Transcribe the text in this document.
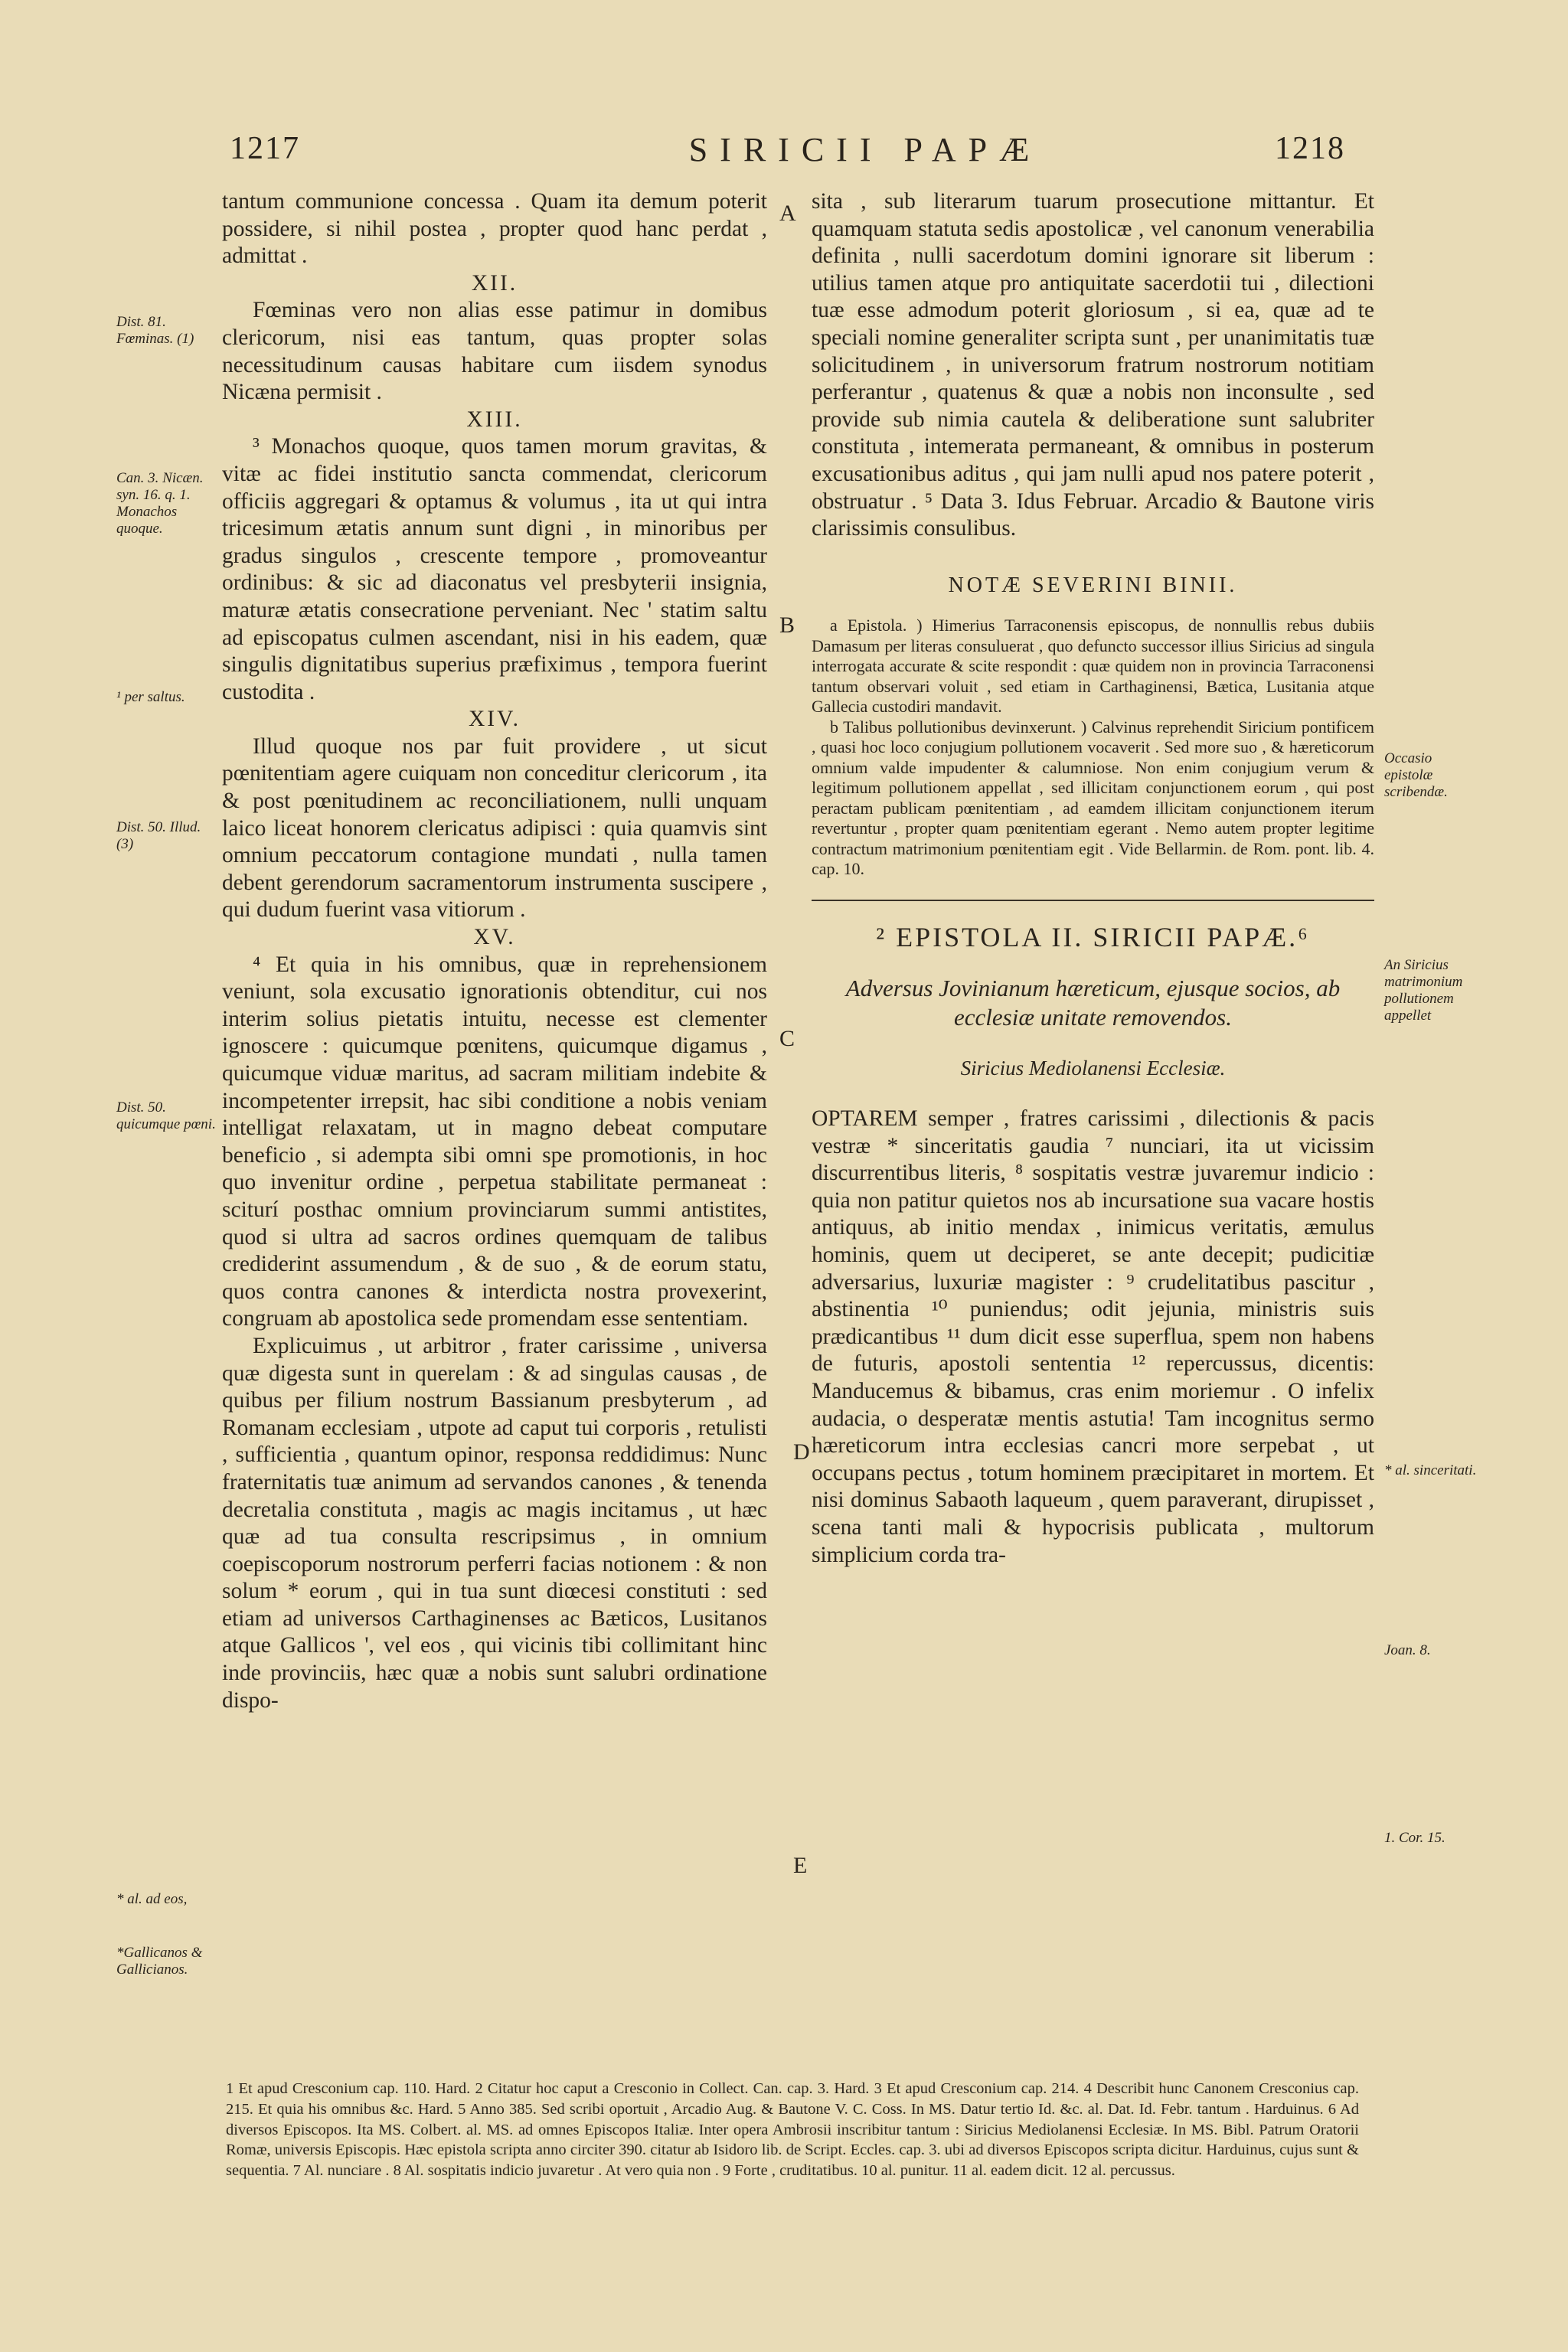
1217	SIRICII PAPÆ	1218

tantum communione concessa . Quam ita demum poterit possidere, si nihil postea , propter quod hanc perdat , admittat .

XII.

Fœminas vero non alias esse patimur in domibus clericorum, nisi eas tantum, quas propter solas necessitudinum causas habitare cum iisdem synodus Nicæna permisit .

XIII.

³ Monachos quoque, quos tamen morum gravitas, & vitæ ac fidei institutio sancta commendat, clericorum officiis aggregari & optamus & volumus , ita ut qui intra tricesimum ætatis annum sunt digni , in minoribus per gradus singulos , crescente tempore , promoveantur ordinibus: & sic ad diaconatus vel presbyterii insignia, maturæ ætatis consecratione perveniant. Nec ' statim saltu ad episcopatus culmen ascendant, nisi in his eadem, quæ singulis dignitatibus superius præfiximus , tempora fuerint custodita .

XIV.

Illud quoque nos par fuit providere , ut sicut pœnitentiam agere cuiquam non conceditur clericorum , ita & post pœnitudinem ac reconciliationem, nulli unquam laico liceat honorem clericatus adipisci : quia quamvis sint omnium peccatorum contagione mundati , nulla tamen debent gerendorum sacramentorum instrumenta suscipere , qui dudum fuerint vasa vitiorum .

XV.

⁴ Et quia in his omnibus, quæ in reprehensionem veniunt, sola excusatio ignorationis obtenditur, cui nos interim solius pietatis intuitu, necesse est clementer ignoscere : quicumque pœnitens, quicumque digamus , quicumque viduæ maritus, ad sacram militiam indebite & incompetenter irrepsit, hac sibi conditione a nobis veniam intelligat relaxatam, ut in magno debeat computare beneficio , si adempta sibi omni spe promotionis, in hoc quo invenitur ordine , perpetua stabilitate permaneat : sciturí posthac omnium provinciarum summi antistites, quod si ultra ad sacros ordines quemquam de talibus crediderint assumendum , & de suo , & de eorum statu, quos contra canones & interdicta nostra provexerint, congruam ab apostolica sede promendam esse sententiam.

Explicuimus , ut arbitror , frater carissime , universa quæ digesta sunt in querelam : & ad singulas causas , de quibus per filium nostrum Bassianum presbyterum , ad Romanam ecclesiam , utpote ad caput tui corporis , retulisti , sufficientia , quantum opinor, responsa reddidimus: Nunc fraternitatis tuæ animum ad servandos canones , & tenenda decretalia constituta , magis ac magis incitamus , ut hæc quæ ad tua consulta rescripsimus , in omnium coepiscoporum nostrorum perferri facias notionem : & non solum * eorum , qui in tua sunt diœcesi constituti : sed etiam ad universos Carthaginenses ac Bæticos, Lusitanos atque Gallicos ', vel eos , qui vicinis tibi collimitant hinc inde provinciis, hæc quæ a nobis sunt salubri ordinatione dispo-

sita , sub literarum tuarum prosecutione mittantur. Et quamquam statuta sedis apostolicæ , vel canonum venerabilia definita , nulli sacerdotum domini ignorare sit liberum : utilius tamen atque pro antiquitate sacerdotii tui , dilectioni tuæ esse admodum poterit gloriosum , si ea, quæ ad te speciali nomine generaliter scripta sunt , per unanimitatis tuæ solicitudinem , in universorum fratrum nostrorum notitiam perferantur , quatenus & quæ a nobis non inconsulte , sed provide sub nimia cautela & deliberatione sunt salubriter constituta , intemerata permaneant, & omnibus in posterum excusationibus aditus , qui jam nulli apud nos patere poterit , obstruatur . ⁵ Data 3. Idus Februar. Arcadio & Bautone viris clarissimis consulibus.

NOTÆ SEVERINI BINII.

a Epistola. ) Himerius Tarraconensis episcopus, de nonnullis rebus dubiis Damasum per literas consuluerat , quo defuncto successor illius Siricius ad singula interrogata accurate & scite respondit : quæ quidem non in provincia Tarraconensi tantum observari voluit , sed etiam in Carthaginensi, Bætica, Lusitania atque Gallecia custodiri mandavit.

b Talibus pollutionibus devinxerunt. ) Calvinus reprehendit Siricium pontificem , quasi hoc loco conjugium pollutionem vocaverit . Sed more suo , & hæreticorum omnium valde impudenter & calumniose. Non enim conjugium verum & legitimum pollutionem appellat , sed illicitam conjunctionem eorum , qui post peractam publicam pœnitentiam , ad eamdem illicitam conjunctionem iterum revertuntur , propter quam pœnitentiam egerant . Nemo autem propter legitime contractum matrimonium pœnitentiam egit . Vide Bellarmin. de Rom. pont. lib. 4. cap. 10.

² EPISTOLA II. SIRICII PAPÆ.⁶
Adversus Jovinianum hæreticum, ejusque socios, ab ecclesiæ unitate removendos.
Siricius Mediolanensi Ecclesiæ.

OPTAREM semper , fratres carissimi , dilectionis & pacis vestræ * sinceritatis gaudia ⁷ nunciari, ita ut vicissim discurrentibus literis, ⁸ sospitatis vestræ juvaremur indicio : quia non patitur quietos nos ab incursatione sua vacare hostis antiquus, ab initio mendax , inimicus veritatis, æmulus hominis, quem ut deciperet, se ante decepit; pudicitiæ adversarius, luxuriæ magister : ⁹ crudelitatibus pascitur , abstinentia ¹⁰ puniendus; odit jejunia, ministris suis prædicantibus ¹¹ dum dicit esse superflua, spem non habens de futuris, apostoli sententia ¹² repercussus, dicentis: Manducemus & bibamus, cras enim moriemur . O infelix audacia, o desperatæ mentis astutia! Tam incognitus sermo hæreticorum intra ecclesias cancri more serpebat , ut occupans pectus , totum hominem præcipitaret in mortem. Et nisi dominus Sabaoth laqueum , quem paraverant, dirupisset , scena tanti mali & hypocrisis publicata , multorum simplicium corda tra-

A
B
C
D
E
Dist. 81. Fœminas. (1)
Can. 3. Nicæn. syn. 16. q. 1. Monachos quoque.
¹ per saltus.
Dist. 50. Illud. (3)
Dist. 50. quicumque pœni.
* al. ad eos,
*Gallicanos & Gallicianos.
Occasio epistolæ scribendæ.
An Siricius matrimonium pollutionem appellet
* al. sinceritati.
Joan. 8.
1. Cor. 15.

1 Et apud Cresconium cap. 110. Hard. 2 Citatur hoc caput a Cresconio in Collect. Can. cap. 3. Hard. 3 Et apud Cresconium cap. 214. 4 Describit hunc Canonem Cresconius cap. 215. Et quia his omnibus &c. Hard. 5 Anno 385. Sed scribi oportuit , Arcadio Aug. & Bautone V. C. Coss. In MS. Datur tertio Id. &c. al. Dat. Id. Febr. tantum . Harduinus. 6 Ad diversos Episcopos. Ita MS. Colbert. al. MS. ad omnes Episcopos Italiæ. Inter opera Ambrosii inscribitur tantum : Siricius Mediolanensi Ecclesiæ. In MS. Bibl. Patrum Oratorii Romæ, universis Episcopis. Hæc epistola scripta anno circiter 390. citatur ab Isidoro lib. de Script. Eccles. cap. 3. ubi ad diversos Episcopos scripta dicitur. Harduinus, cujus sunt & sequentia. 7 Al. nunciare . 8 Al. sospitatis indicio juvaretur . At vero quia non . 9 Forte , cruditatibus. 10 al. punitur. 11 al. eadem dicit. 12 al. percussus.
